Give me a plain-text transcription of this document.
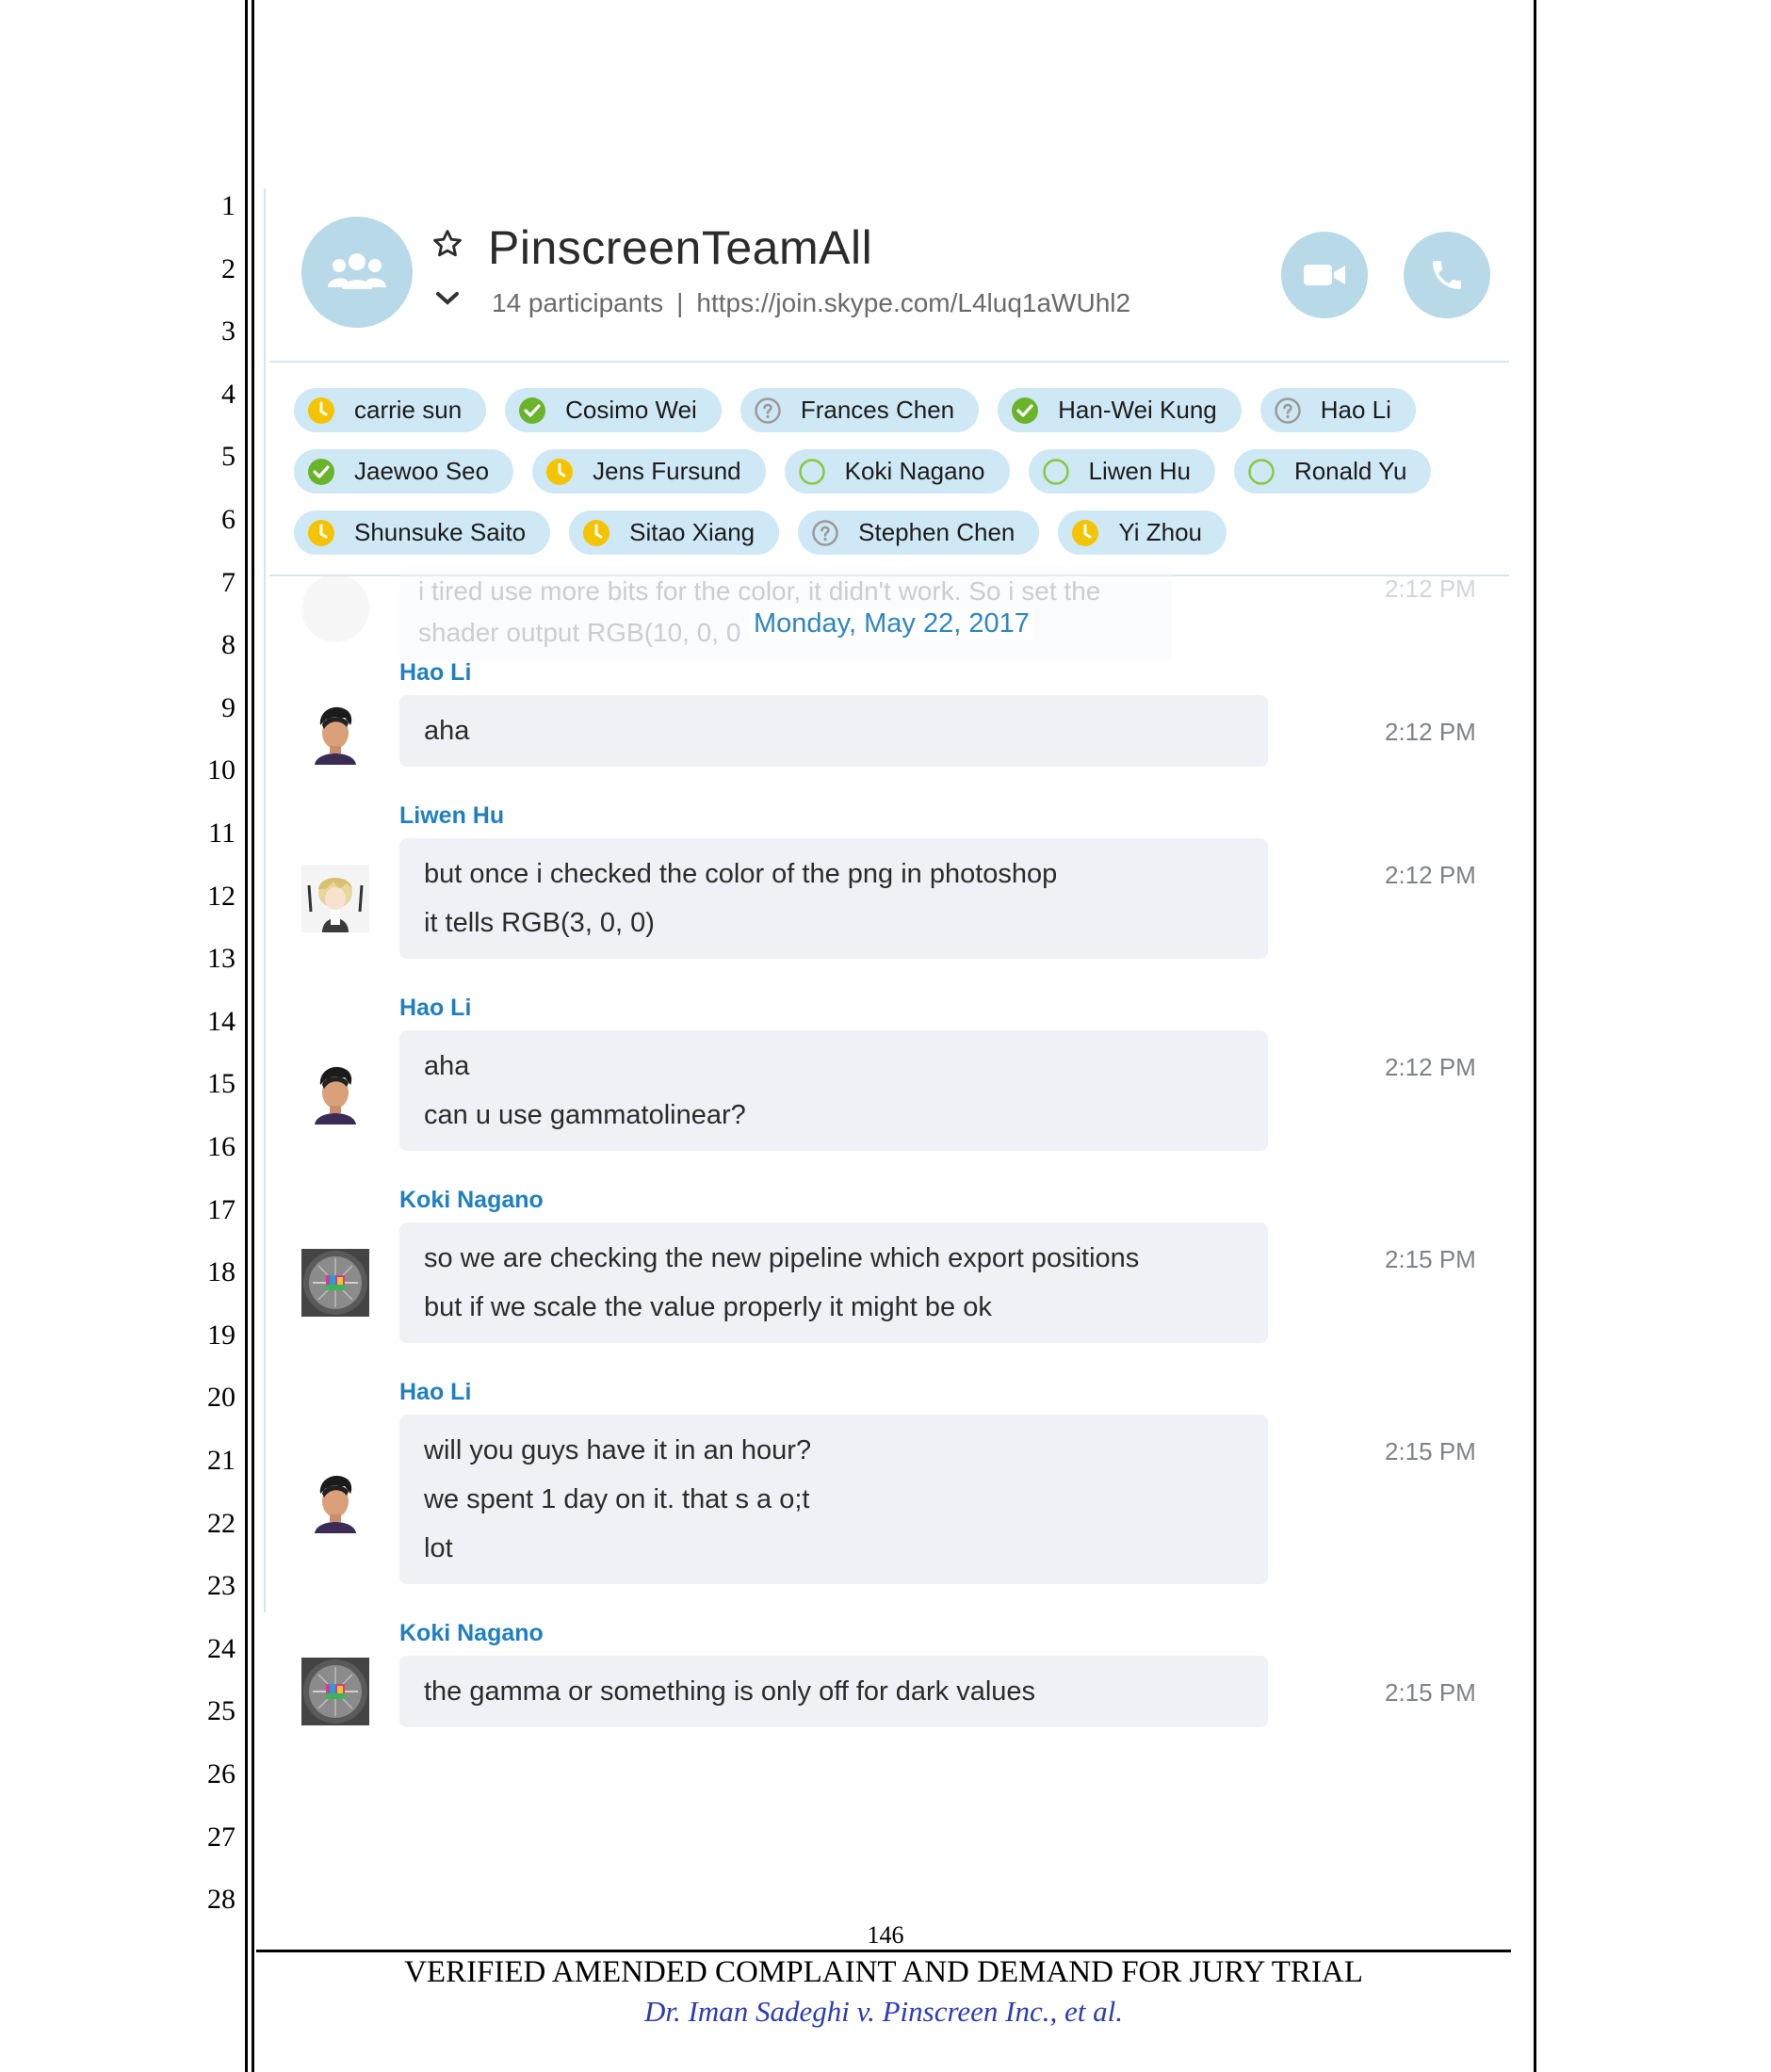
1
2
3
4
5
6
7
8
9
10
11
12
13
14
15
16
17
18
19
20
21
22
23
24
25
26
27
28
PinscreenTeamAll
14 participants | https://join.skype.com/L4luq1aWUhl2
carrie sun	Cosimo Wei	Frances Chen	Han-Wei Kung	Hao Li
Jaewoo Seo	Jens Fursund	Koki Nagano	Liwen Hu	Ronald Yu
Shunsuke Saito	Sitao Xiang	Stephen Chen	Yi Zhou
i tired use more bits for the color, it didn't work. So i set the
shader output RGB(10, 0, 0
2:12 PM
Monday, May 22, 2017
Hao Li
aha	2:12 PM
Liwen Hu
but once i checked the color of the png in photoshop
it tells RGB(3, 0, 0)
2:12 PM
Hao Li
aha
can u use gammatolinear?
2:12 PM
Koki Nagano
so we are checking the new pipeline which export positions
but if we scale the value properly it might be ok
2:15 PM
Hao Li
will you guys have it in an hour?
we spent 1 day on it. that s a o;t
lot
2:15 PM
Koki Nagano
the gamma or something is only off for dark values	2:15 PM
146
VERIFIED AMENDED COMPLAINT AND DEMAND FOR JURY TRIAL
Dr. Iman Sadeghi v. Pinscreen Inc., et al.
